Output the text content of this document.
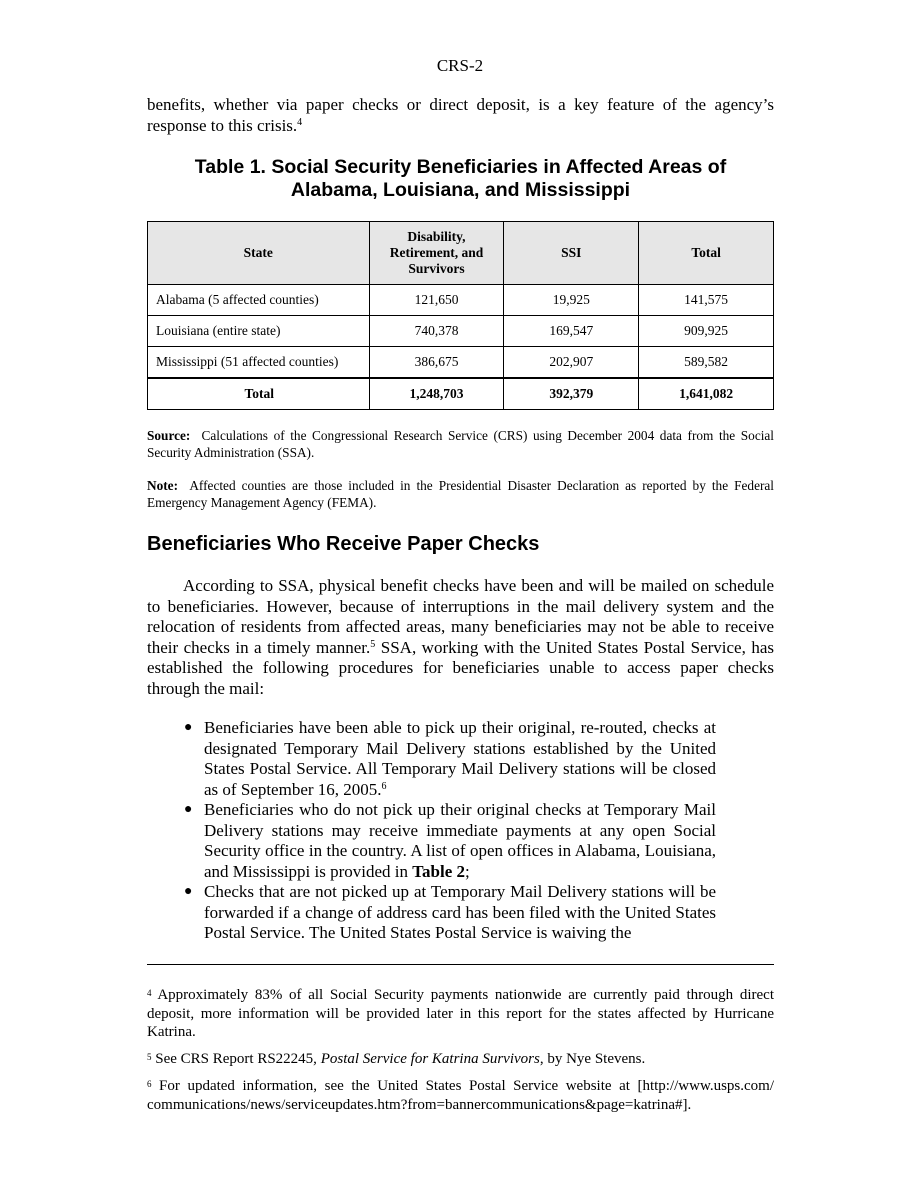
CRS-2
benefits, whether via paper checks or direct deposit, is a key feature of the agency’s response to this crisis.$^4$
Table 1. Social Security Beneficiaries in Affected Areas of
Alabama, Louisiana, and Mississippi
State	Disability, Retirement, and Survivors	SSI	Total
Alabama (5 affected counties)	121,650	19,925	141,575
Louisiana (entire state)	740,378	169,547	909,925
Mississippi (51 affected counties)	386,675	202,907	589,582
Total	1,248,703	392,379	1,641,082
Source: Calculations of the Congressional Research Service (CRS) using December 2004 data from the Social Security Administration (SSA).
Note: Affected counties are those included in the Presidential Disaster Declaration as reported by the Federal Emergency Management Agency (FEMA).
Beneficiaries Who Receive Paper Checks
According to SSA, physical benefit checks have been and will be mailed on schedule to beneficiaries. However, because of interruptions in the mail delivery system and the relocation of residents from affected areas, many beneficiaries may not be able to receive their checks in a timely manner.$^5$ SSA, working with the United States Postal Service, has established the following procedures for beneficiaries unable to access paper checks through the mail:
● Beneficiaries have been able to pick up their original, re-routed, checks at designated Temporary Mail Delivery stations established by the United States Postal Service. All Temporary Mail Delivery stations will be closed as of September 16, 2005.$^6$
● Beneficiaries who do not pick up their original checks at Temporary Mail Delivery stations may receive immediate payments at any open Social Security office in the country. A list of open offices in Alabama, Louisiana, and Mississippi is provided in Table 2;
● Checks that are not picked up at Temporary Mail Delivery stations will be forwarded if a change of address card has been filed with the United States Postal Service. The United States Postal Service is waiving the
$^4$ Approximately 83% of all Social Security payments nationwide are currently paid through direct deposit, more information will be provided later in this report for the states affected by Hurricane Katrina.
$^5$ See CRS Report RS22245, Postal Service for Katrina Survivors, by Nye Stevens.
$^6$ For updated information, see the United States Postal Service website at [http://www.usps.com/ communications/news/serviceupdates.htm?from=bannercommunications&page=katrina#].
